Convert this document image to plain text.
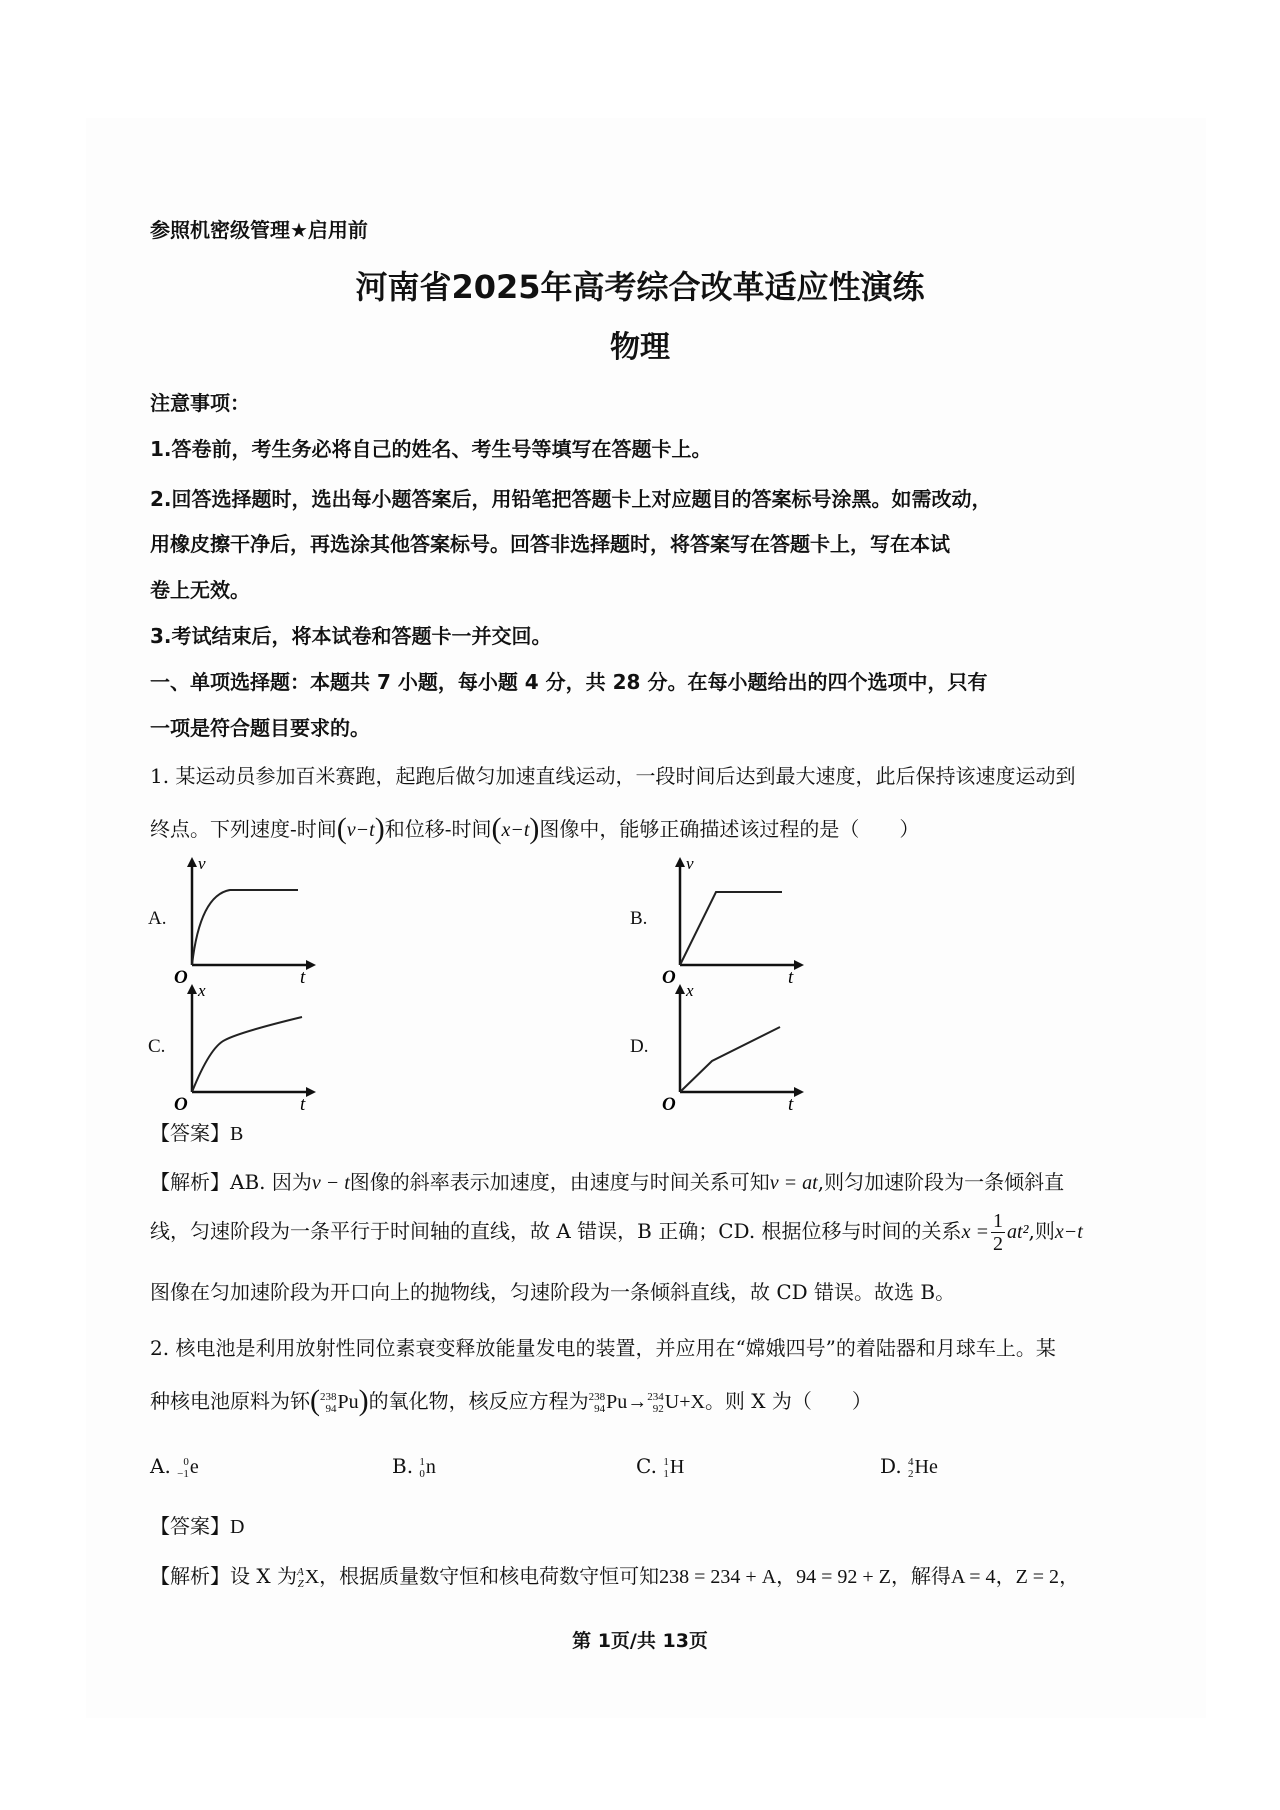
参照机密级管理★启用前
河南省2025年高考综合改革适应性演练
物理
注意事项：
1.答卷前，考生务必将自己的姓名、考生号等填写在答题卡上。
2.回答选择题时，选出每小题答案后，用铅笔把答题卡上对应题目的答案标号涂黑。如需改动，
用橡皮擦干净后，再选涂其他答案标号。回答非选择题时，将答案写在答题卡上，写在本试
卷上无效。
3.考试结束后，将本试卷和答题卡一并交回。
一、单项选择题：本题共 7 小题，每小题 4 分，共 28 分。在每小题给出的四个选项中，只有
一项是符合题目要求的。
1. 某运动员参加百米赛跑，起跑后做匀加速直线运动，一段时间后达到最大速度，此后保持该速度运动到
终点。下列速度-时间(v−t)和位移-时间(x−t)图像中，能够正确描述该过程的是（　　）
A.
v
O	t
B.
v
O	t
C.
x
O	t
D.
x
O	t
【答案】B
【解析】AB. 因为v − t图像的斜率表示加速度，由速度与时间关系可知v = at,则匀加速阶段为一条倾斜直
线，匀速阶段为一条平行于时间轴的直线，故 A 错误，B 正确；CD. 根据位移与时间的关系$x = \frac{1}{2} at^2$,则x−t
图像在匀加速阶段为开口向上的抛物线，匀速阶段为一条倾斜直线，故 CD 错误。故选 B。
2. 核电池是利用放射性同位素衰变释放能量发电的装置，并应用在“嫦娥四号”的着陆器和月球车上。某
种核电池原料为钚( 238
94 Pu)的氧化物，核反应方程为 238
94 Pu→ 234
92 U+X。则 X 为（　　）
A.	0
−1 e	B. 1
0 n	C. 1
1 H	D. 4
2 He
【答案】D
【解析】设 X 为 A
Z X，根据质量数守恒和核电荷数守恒可知238 = 234 + A，94 = 92 + Z，解得A = 4，Z = 2，
第 1页/共 13页
